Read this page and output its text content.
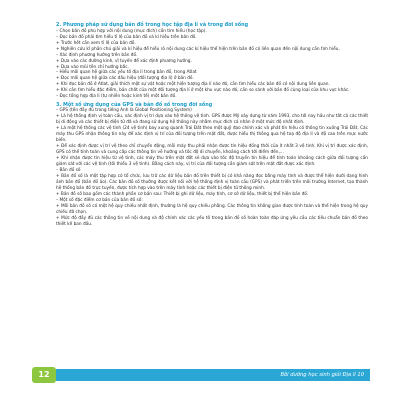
2. Phương pháp sử dụng bản đồ trong học tập địa lí và trong đời sống

– Chọn bản đồ phù hợp với nội dung (mục đích) cần tìm hiểu (học tập).

– Đọc bản đồ phải tìm hiểu tỉ lệ của bản đồ và kí hiệu trên bản đồ.

+ Trước hết cần xem tỉ lệ của bản đồ.

+ Nghiên cứu kĩ phần chú giải và kí hiệu để hiểu rõ nội dung các kí hiệu thể hiện trên bản đồ có liên quan đến nội dung cần tìm hiểu.

– Xác định phương hướng trên bản đồ.

+ Dựa vào các đường kinh, vĩ tuyến để xác định phương hướng.

+ Dựa vào mũi tên chỉ hướng bắc.

– Hiểu mối quan hệ giữa các yếu tố địa lí trong bản đồ, trong Atlat

+ Đọc mối quan hệ giữa các dấu hiệu (đối tượng địa lí) ở bản đồ.

+ Khi đọc bản đồ ở Atlat, giải thích một sự vật hoặc một hiện tượng địa lí nào đó, cần tìm hiểu các bản đồ có nội dung liên quan.

+ Khi cần tìm hiểu đặc điểm, bản chất của một đối tượng địa lí ở một khu vực nào đó, cần so sánh với bản đồ cùng loại của khu vực khác.

– Đọc tổng hợp địa lí (tự nhiên hoặc kinh tế) một bản đồ.

3. Một số ứng dụng của GPS và bản đồ số trong đời sống

– GPS (tên đầy đủ trong tiếng Anh là Global Positioning System)

+ Là hệ thống định vị toàn cầu, xác định vị trí dựa vào hệ thống vệ tinh. GPS được Mỹ xây dựng từ năm 1993, cho tới nay hầu như tất cả các thiết bị di động và các thiết bị điện tử đã và đang sử dụng hệ thống này nhằm mục đích cá nhân ở một mức độ nhất định.

+ Là một hệ thống các vệ tinh (24 vệ tinh) bay xung quanh Trái Đất theo một quỹ đạo chính xác và phát tín hiệu có thông tin xuống Trái Đất. Các máy thu GPS nhận thông tin này để xác định vị trí của đối tượng trên mặt đất, được hiểu thị thông qua hệ toạ độ địa lí và độ cao trên mực nước biển.

+ Để xác định được vị trí vệ theo chỉ chuyển động, mỗi máy thu phải nhận được tín hiệu đồng thời của ít nhất 3 vệ tinh. Khi vị trí được xác định, GPS có thể tính toán và cung cấp các thông tin về hướng và tốc độ di chuyển, khoảng cách tới điểm đến,...

+ Khi nhận được tín hiệu từ vệ tinh, các máy thu trên mặt đất sẽ dựa vào tốc độ truyền tín hiệu để tính toán khoảng cách giữa đối tượng cần giám sát với các vệ tinh (tối thiểu 3 vệ tinh). Bằng cách này, vị trí của đối tượng cần giám sát trên mặt đất được xác định.

– Bản đồ số

+ Bản đồ số là một tập hợp có tổ chức, lưu trữ các dữ liệu bản đồ trên thiết bị có khả năng đọc bằng máy tính và được thể hiện dưới dạng hình ảnh bản đồ (bản đồ ảo). Các bản đồ số thường được kết nối với hệ thống định vị toàn cầu (GPS) và phát triển trên môi trường Internet, tạo thành hệ thống bản đồ trực tuyến, được tích hợp vào trên máy tính hoặc các thiết bị điện tử thông minh.

+ Bản đồ số bao gồm các thành phần cơ bản sau: Thiết bị ghi dữ liệu, máy tính, cơ sở dữ liệu, thiết bị thể hiện bản đồ.

– Một số đặc điểm cơ bản của bản đồ số:

+ Mỗi bản đồ số có một hệ quy chiếu nhất định, thường là hệ quy chiếu phẳng. Các thông tin không gian được tính toán và thể hiện trong hệ quy chiếu đã chọn.

+ Mức độ đầy đủ các thông tin về nội dung và độ chính xác các yếu tố trong bản đồ số hoàn toàn đáp ứng yêu cầu các tiêu chuẩn bản đồ theo thiết kế ban đầu.

12	Bồi dưỡng học sinh giỏi Địa lí 10
